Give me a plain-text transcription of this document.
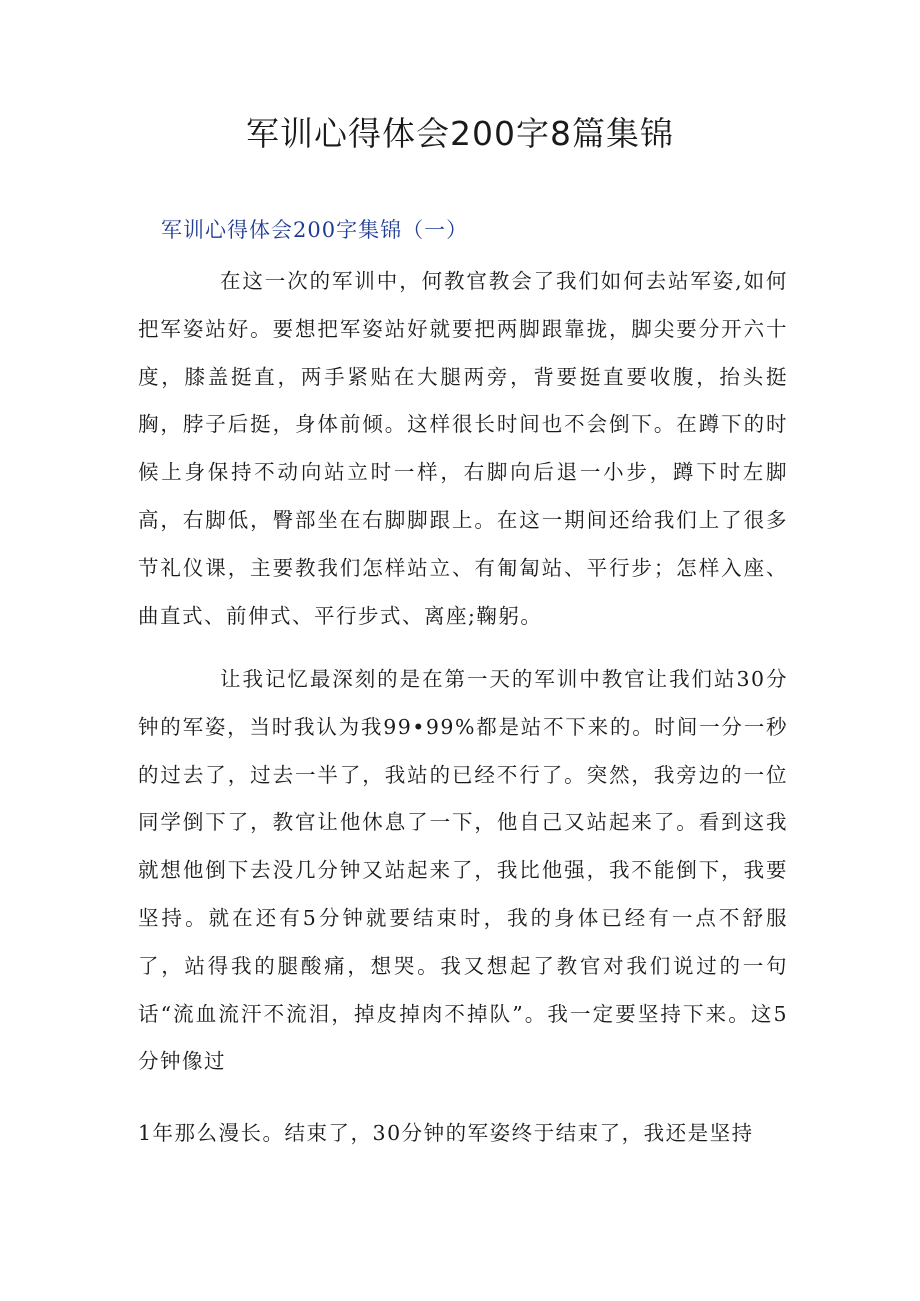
军训心得体会200字8篇集锦
军训心得体会200字集锦（一）

在这一次的军训中，何教官教会了我们如何去站军姿,如何把军姿站好。要想把军姿站好就要把两脚跟靠拢，脚尖要分开六十度，膝盖挺直，两手紧贴在大腿两旁，背要挺直要收腹，抬头挺胸，脖子后挺，身体前倾。这样很长时间也不会倒下。在蹲下的时候上身保持不动向站立时一样，右脚向后退一小步，蹲下时左脚高，右脚低，臀部坐在右脚脚跟上。在这一期间还给我们上了很多节礼仪课，主要教我们怎样站立、有匍匐站、平行步；怎样入座、曲直式、前伸式、平行步式、离座;鞠躬。

让我记忆最深刻的是在第一天的军训中教官让我们站30分钟的军姿，当时我认为我99•99%都是站不下来的。时间一分一秒的过去了，过去一半了，我站的已经不行了。突然，我旁边的一位同学倒下了，教官让他休息了一下，他自己又站起来了。看到这我就想他倒下去没几分钟又站起来了，我比他强，我不能倒下，我要坚持。就在还有5分钟就要结束时，我的身体已经有一点不舒服了，站得我的腿酸痛，想哭。我又想起了教官对我们说过的一句话“流血流汗不流泪，掉皮掉肉不掉队”。我一定要坚持下来。这5分钟像过

1年那么漫长。结束了，30分钟的军姿终于结束了，我还是坚持
